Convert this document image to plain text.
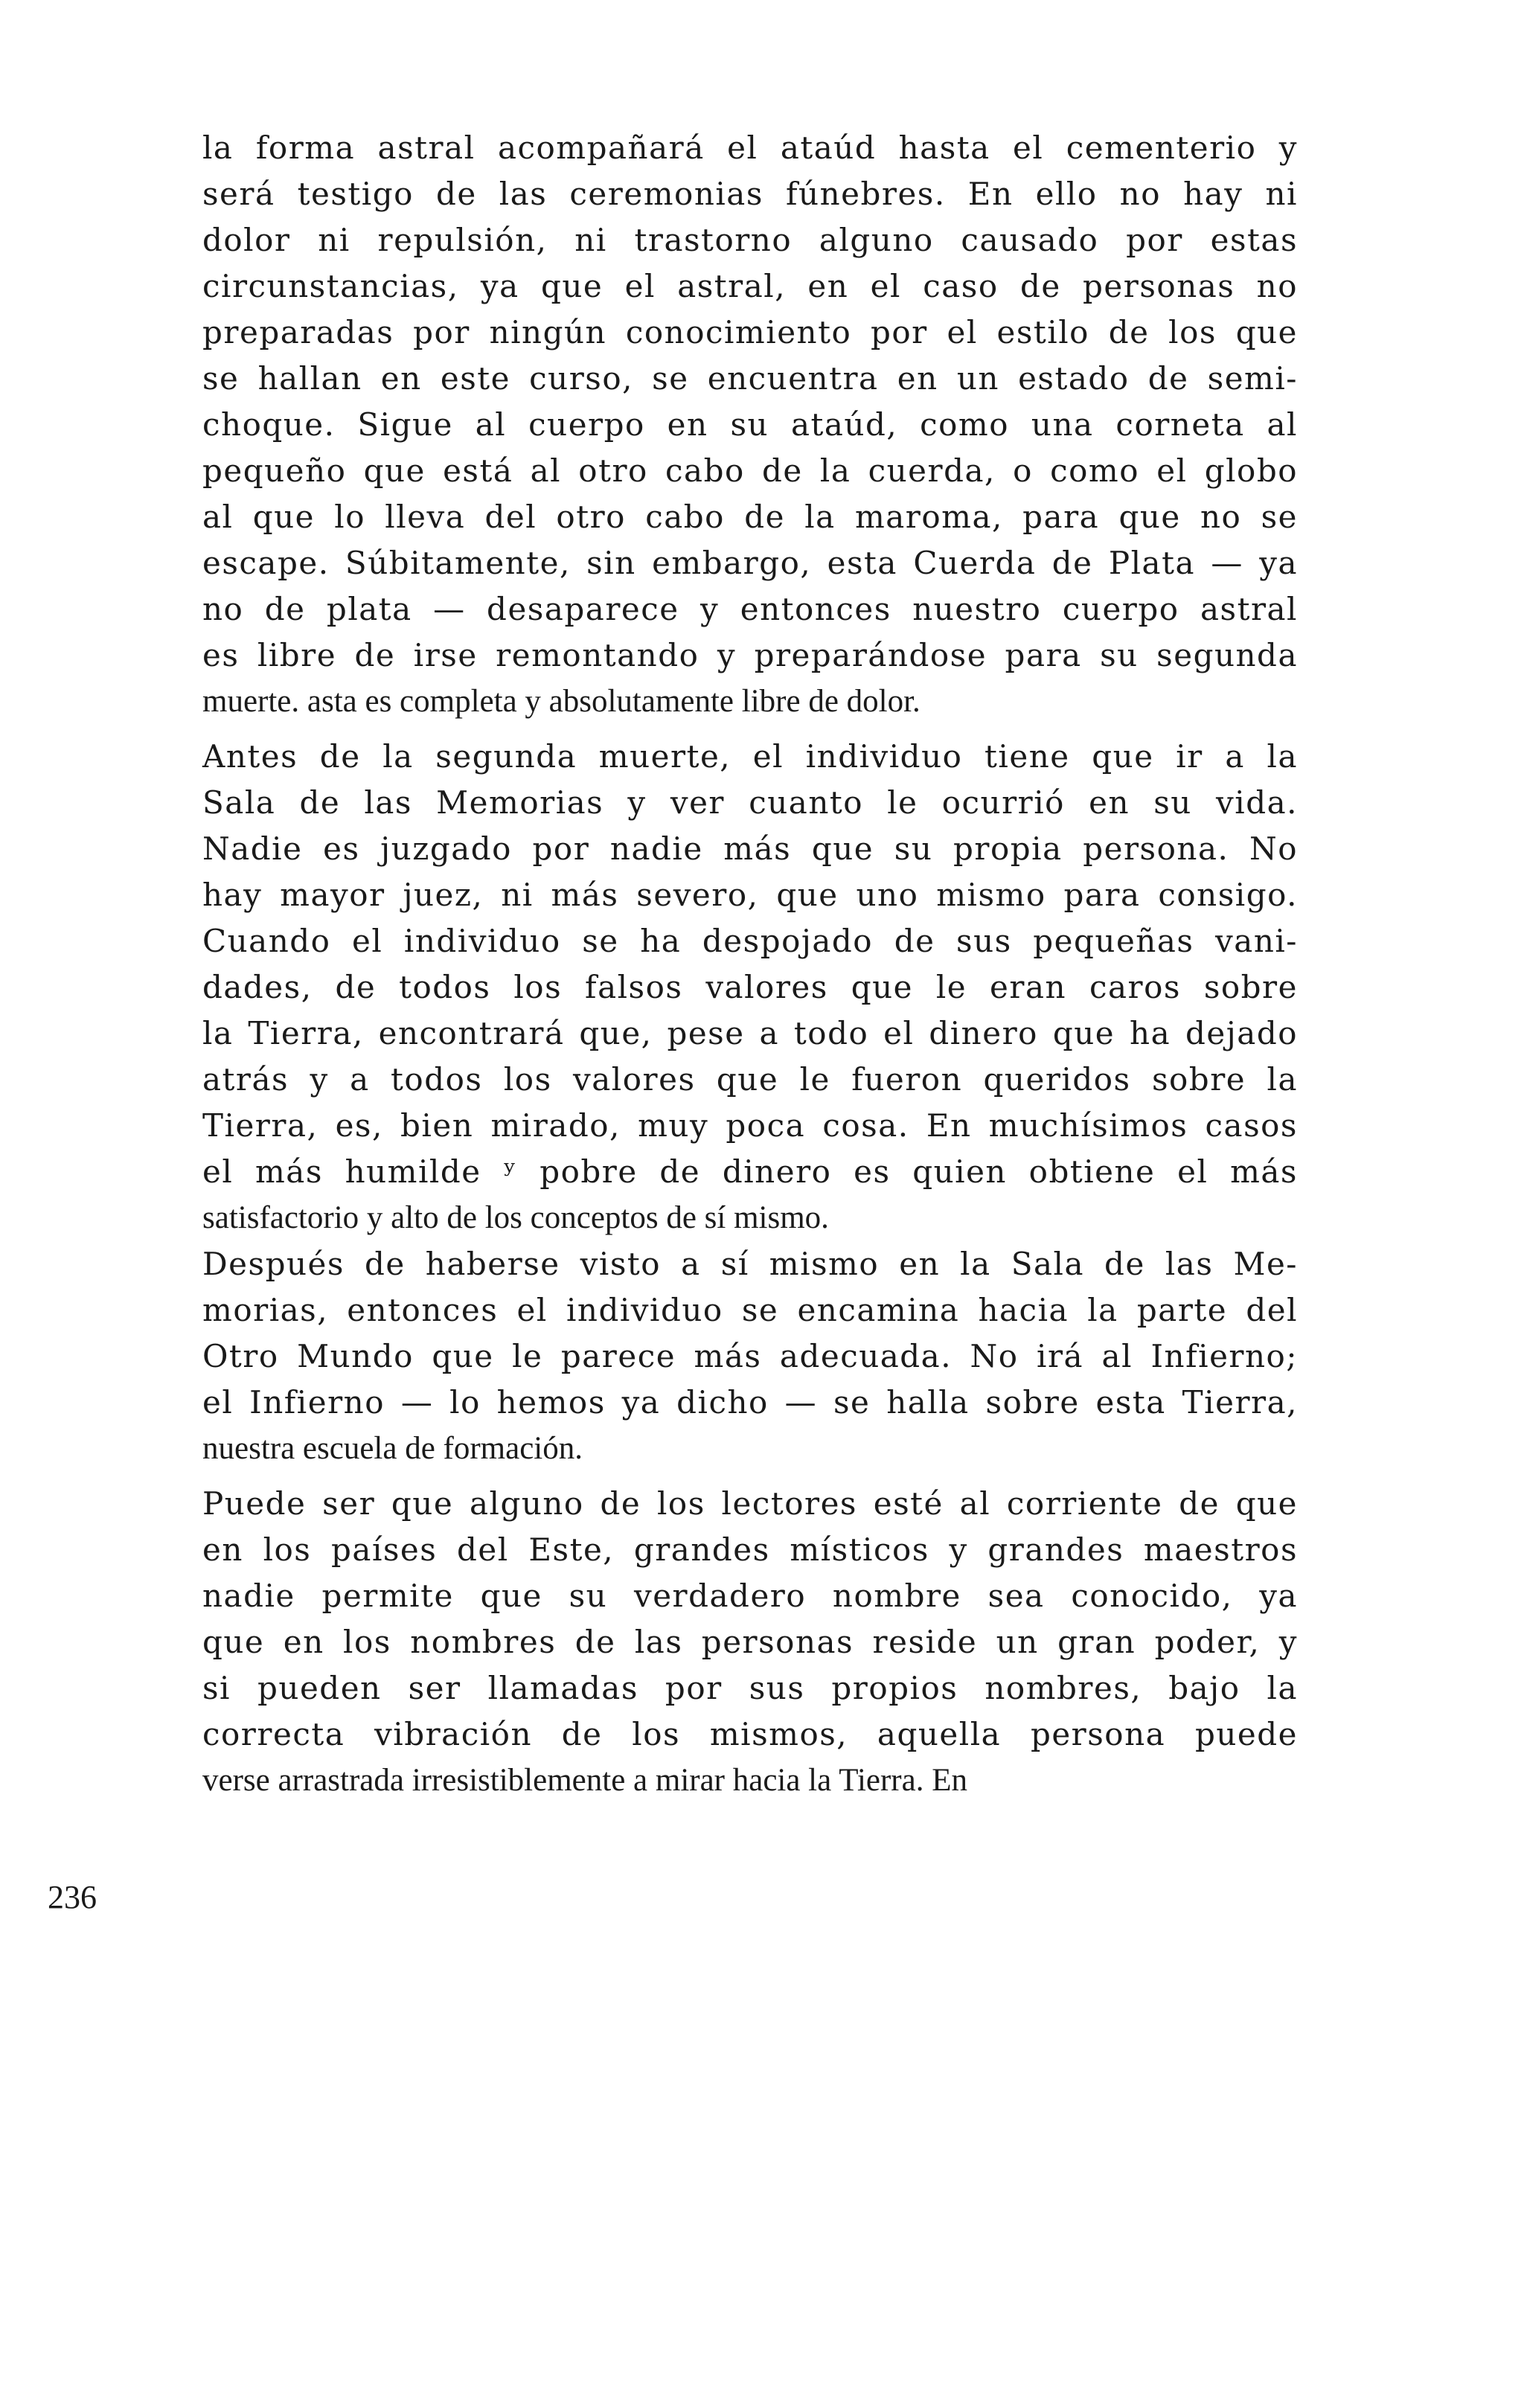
la forma astral acompañará el ataúd hasta el cementerio y
será testigo de las ceremonias fúnebres. En ello no hay ni
dolor ni repulsión, ni trastorno alguno causado por estas
circunstancias, ya que el astral, en el caso de personas no
preparadas por ningún conocimiento por el estilo de los que
se hallan en este curso, se encuentra en un estado de semi-
choque. Sigue al cuerpo en su ataúd, como una corneta al
pequeño que está al otro cabo de la cuerda, o como el globo
al que lo lleva del otro cabo de la maroma, para que no se
escape. Súbitamente, sin embargo, esta Cuerda de Plata — ya
no de plata — desaparece y entonces nuestro cuerpo astral
es libre de irse remontando y preparándose para su segunda
muerte. asta es completa y absolutamente libre de dolor.
Antes de la segunda muerte, el individuo tiene que ir a la
Sala de las Memorias y ver cuanto le ocurrió en su vida.
Nadie es juzgado por nadie más que su propia persona. No
hay mayor juez, ni más severo, que uno mismo para consigo.
Cuando el individuo se ha despojado de sus pequeñas vani-
dades, de todos los falsos valores que le eran caros sobre
la Tierra, encontrará que, pese a todo el dinero que ha dejado
atrás y a todos los valores que le fueron queridos sobre la
Tierra, es, bien mirado, muy poca cosa. En muchísimos casos
el más humilde ʸ pobre de dinero es quien obtiene el más
satisfactorio y alto de los conceptos de sí mismo.
Después de haberse visto a sí mismo en la Sala de las Me-
morias, entonces el individuo se encamina hacia la parte del
Otro Mundo que le parece más adecuada. No irá al Infierno;
el Infierno — lo hemos ya dicho — se halla sobre esta Tierra,
nuestra escuela de formación.
Puede ser que alguno de los lectores esté al corriente de que
en los países del Este, grandes místicos y grandes maestros
nadie permite que su verdadero nombre sea conocido, ya
que en los nombres de las personas reside un gran poder, y
si pueden ser llamadas por sus propios nombres, bajo la
correcta vibración de los mismos, aquella persona puede
verse arrastrada irresistiblemente a mirar hacia la Tierra. En
236
